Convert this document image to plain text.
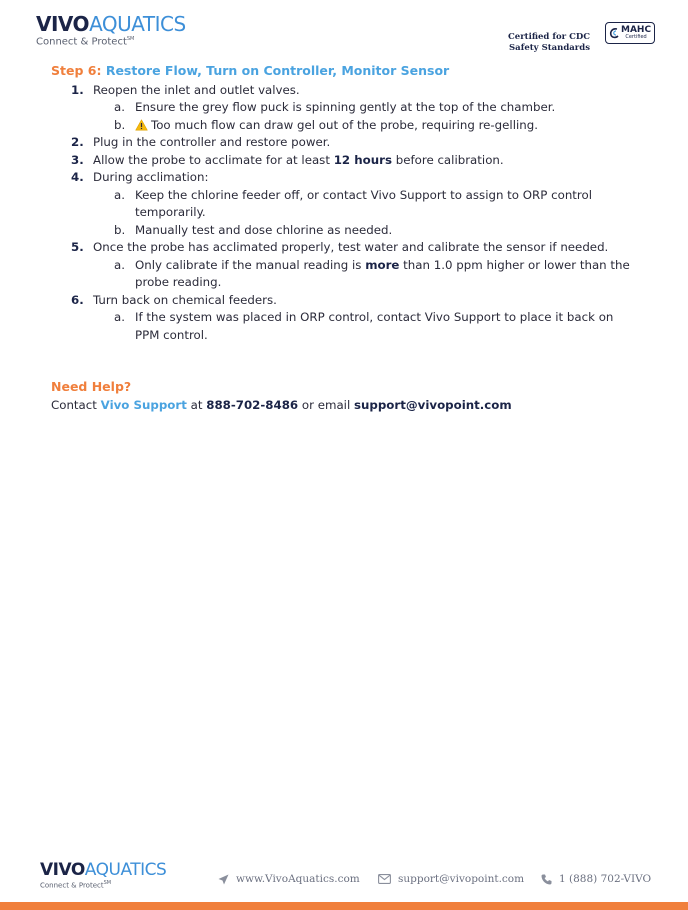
VIVOAQUATICS
Connect & Protect℠	Certified for CDC
Safety Standards
MAHC
Certified
Step 6: Restore Flow, Turn on Controller, Monitor Sensor
1. Reopen the inlet and outlet valves.
a. Ensure the grey flow puck is spinning gently at the top of the chamber.
b. Too much flow can draw gel out of the probe, requiring re-gelling.
2. Plug in the controller and restore power.
3. Allow the probe to acclimate for at least 12 hours before calibration.
4. During acclimation:
a. Keep the chlorine feeder off, or contact Vivo Support to assign to ORP control temporarily.
b. Manually test and dose chlorine as needed.
5. Once the probe has acclimated properly, test water and calibrate the sensor if needed.
a. Only calibrate if the manual reading is more than 1.0 ppm higher or lower than the probe reading.
6. Turn back on chemical feeders.
a. If the system was placed in ORP control, contact Vivo Support to place it back on PPM control.
Need Help?
Contact Vivo Support at 888-702-8486 or email support@vivopoint.com
VIVOAQUATICS
Connect & Protect℠	www.VivoAquatics.com	support@vivopoint.com	1 (888) 702-VIVO
